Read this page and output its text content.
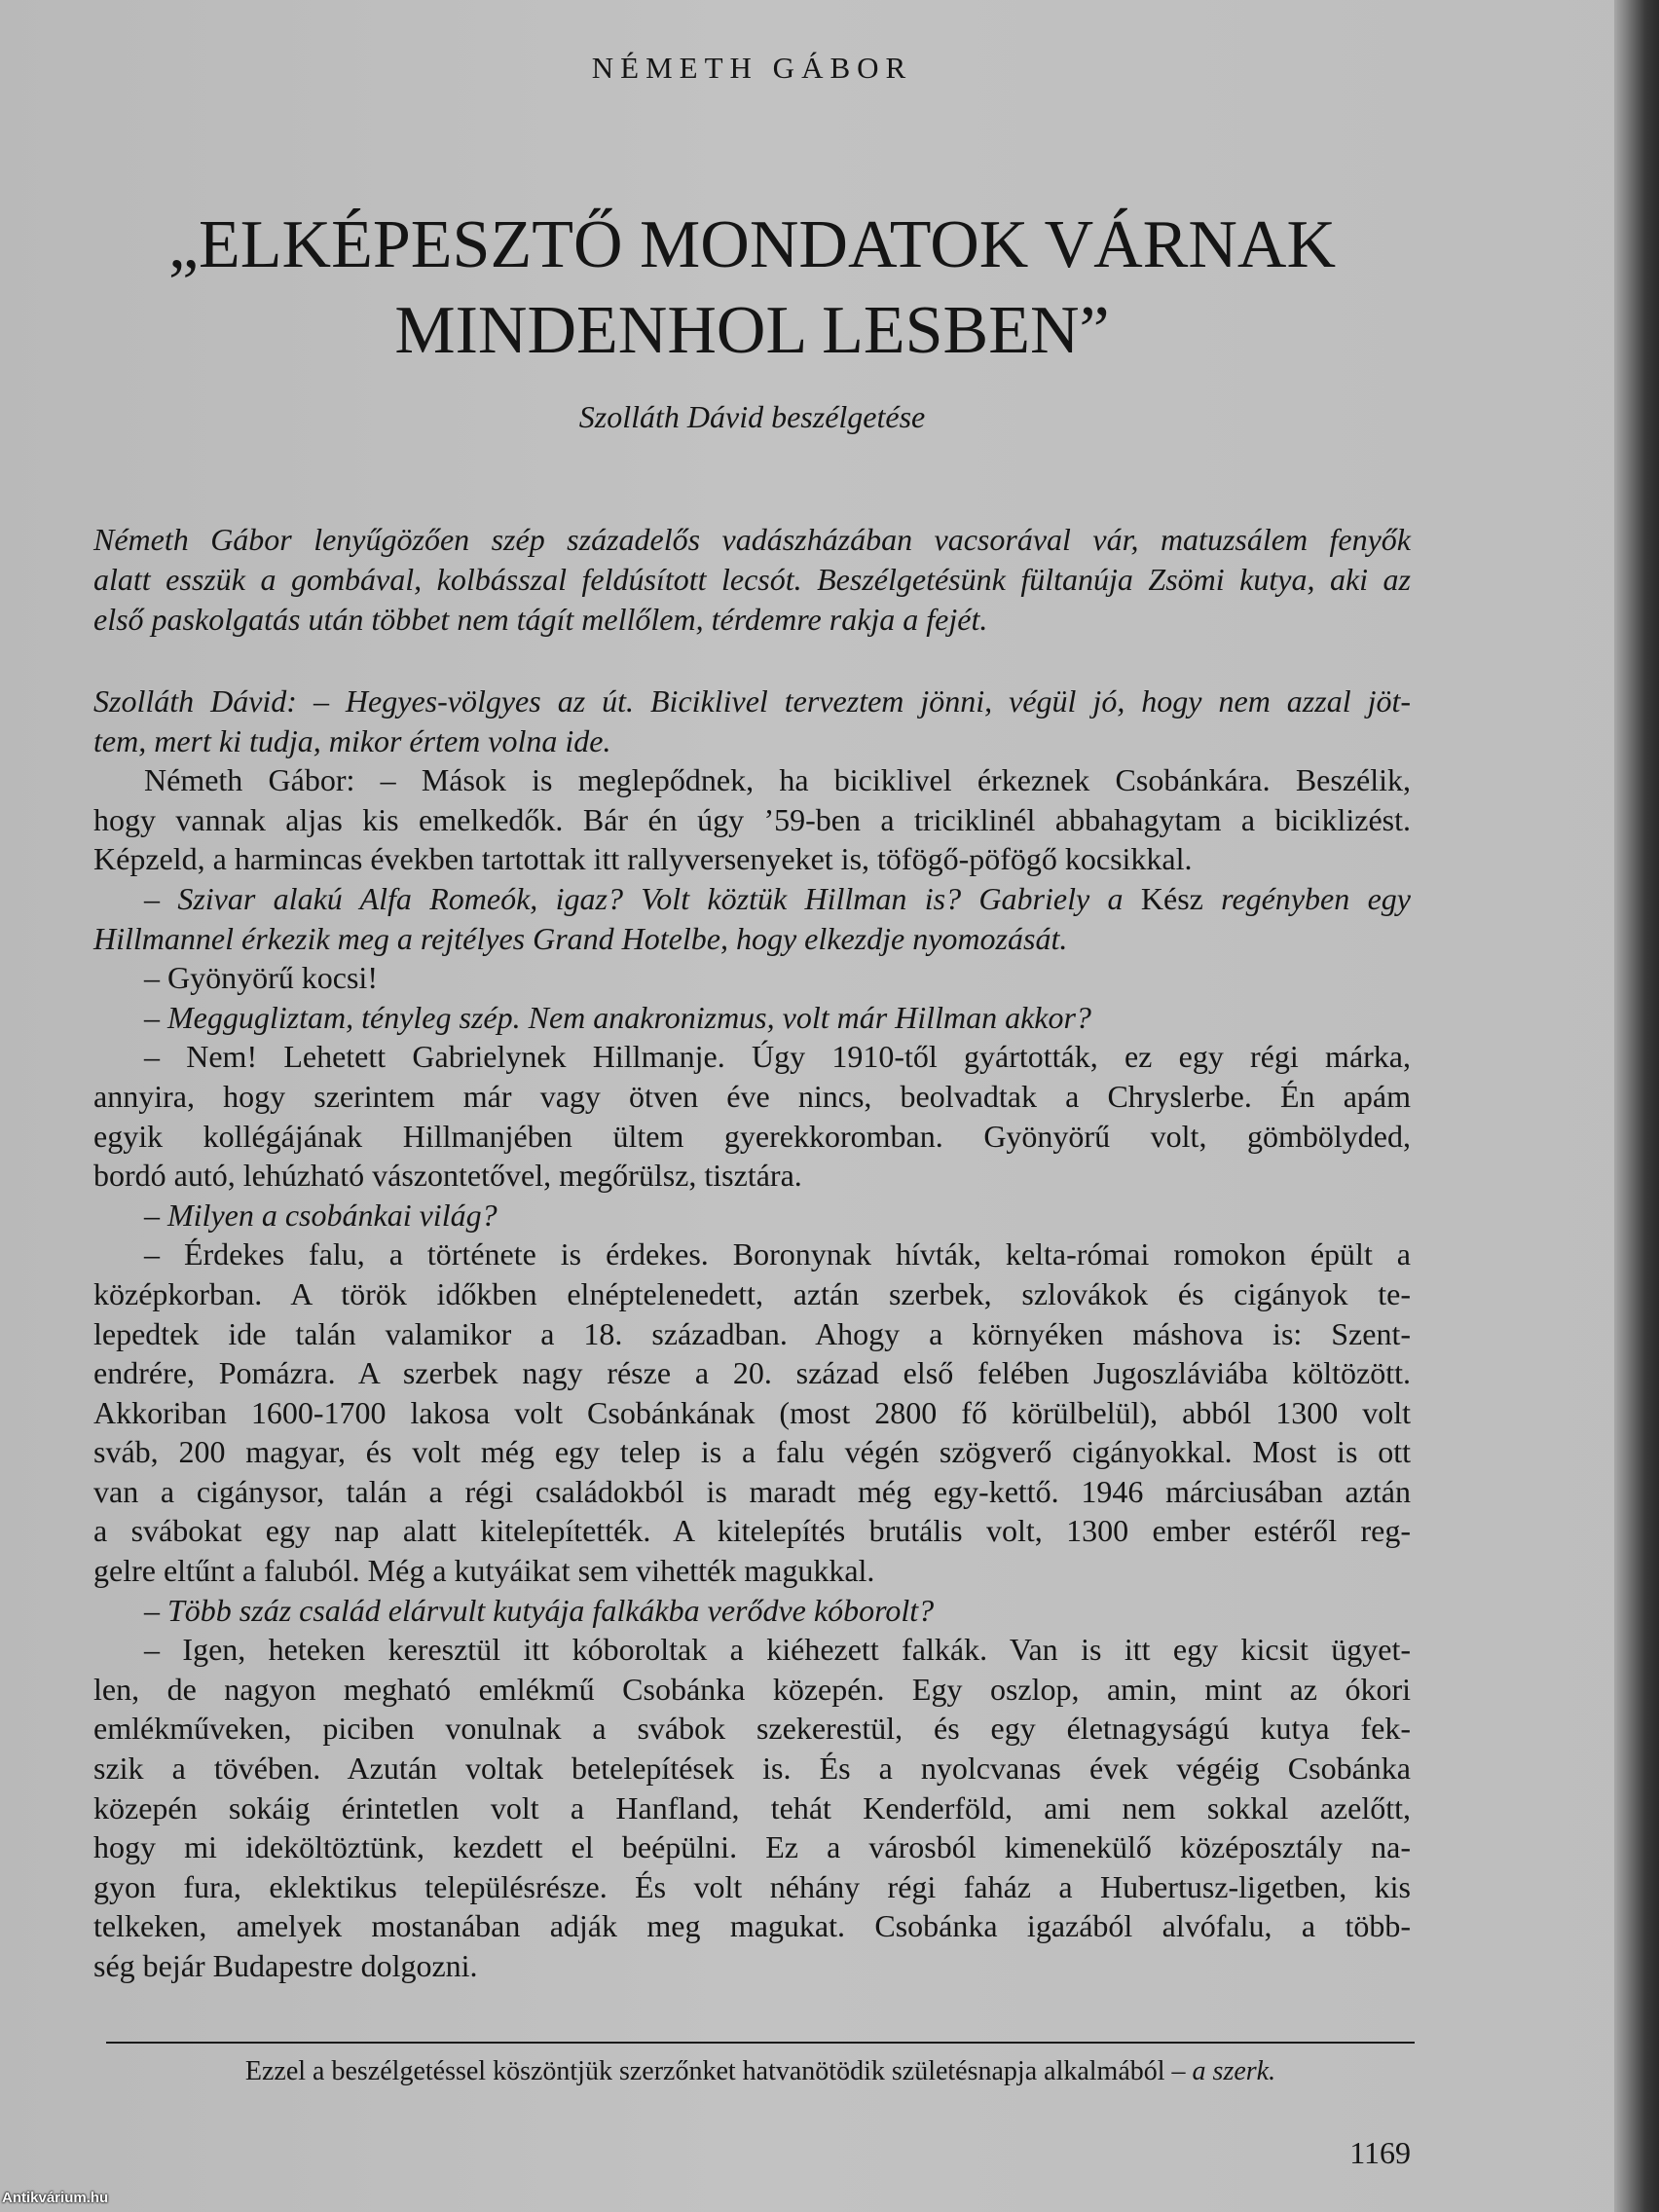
NÉMETH GÁBOR
„ELKÉPESZTŐ MONDATOK VÁRNAK
MINDENHOL LESBEN”
Szolláth Dávid beszélgetése
Németh Gábor lenyűgözően szép századelős vadászházában vacsorával vár, matuzsálem fenyők
alatt esszük a gombával, kolbásszal feldúsított lecsót. Beszélgetésünk fültanúja Zsömi kutya, aki az
első paskolgatás után többet nem tágít mellőlem, térdemre rakja a fejét.
Szolláth Dávid: – Hegyes-völgyes az út. Biciklivel terveztem jönni, végül jó, hogy nem azzal jöt-
tem, mert ki tudja, mikor értem volna ide.
Németh Gábor: – Mások is meglepődnek, ha biciklivel érkeznek Csobánkára. Beszélik,
hogy vannak aljas kis emelkedők. Bár én úgy ’59-ben a triciklinél abbahagytam a biciklizést.
Képzeld, a harmincas években tartottak itt rallyversenyeket is, töfögő-pöfögő kocsikkal.
– Szivar alakú Alfa Romeók, igaz? Volt köztük Hillman is? Gabriely a Kész regényben egy
Hillmannel érkezik meg a rejtélyes Grand Hotelbe, hogy elkezdje nyomozását.
– Gyönyörű kocsi!
– Meggugliztam, tényleg szép. Nem anakronizmus, volt már Hillman akkor?
– Nem! Lehetett Gabrielynek Hillmanje. Úgy 1910-től gyártották, ez egy régi márka,
annyira, hogy szerintem már vagy ötven éve nincs, beolvadtak a Chryslerbe. Én apám
egyik kollégájának Hillmanjében ültem gyerekkoromban. Gyönyörű volt, gömbölyded,
bordó autó, lehúzható vászontetővel, megőrülsz, tisztára.
– Milyen a csobánkai világ?
– Érdekes falu, a története is érdekes. Boronynak hívták, kelta-római romokon épült a
középkorban. A török időkben elnéptelenedett, aztán szerbek, szlovákok és cigányok te-
lepedtek ide talán valamikor a 18. században. Ahogy a környéken máshova is: Szent-
endrére, Pomázra. A szerbek nagy része a 20. század első felében Jugoszláviába költözött.
Akkoriban 1600-1700 lakosa volt Csobánkának (most 2800 fő körülbelül), abból 1300 volt
sváb, 200 magyar, és volt még egy telep is a falu végén szögverő cigányokkal. Most is ott
van a cigánysor, talán a régi családokból is maradt még egy-kettő. 1946 márciusában aztán
a svábokat egy nap alatt kitelepítették. A kitelepítés brutális volt, 1300 ember estéről reg-
gelre eltűnt a faluból. Még a kutyáikat sem vihették magukkal.
– Több száz család elárvult kutyája falkákba verődve kóborolt?
– Igen, heteken keresztül itt kóboroltak a kiéhezett falkák. Van is itt egy kicsit ügyet-
len, de nagyon megható emlékmű Csobánka közepén. Egy oszlop, amin, mint az ókori
emlékműveken, piciben vonulnak a svábok szekerestül, és egy életnagyságú kutya fek-
szik a tövében. Azután voltak betelepítések is. És a nyolcvanas évek végéig Csobánka
közepén sokáig érintetlen volt a Hanfland, tehát Kenderföld, ami nem sokkal azelőtt,
hogy mi ideköltöztünk, kezdett el beépülni. Ez a városból kimenekülő középosztály na-
gyon fura, eklektikus településrésze. És volt néhány régi faház a Hubertusz-ligetben, kis
telkeken, amelyek mostanában adják meg magukat. Csobánka igazából alvófalu, a több-
ség bejár Budapestre dolgozni.
Ezzel a beszélgetéssel köszöntjük szerzőnket hatvanötödik születésnapja alkalmából – a szerk.
1169
Antikvárium.hu
